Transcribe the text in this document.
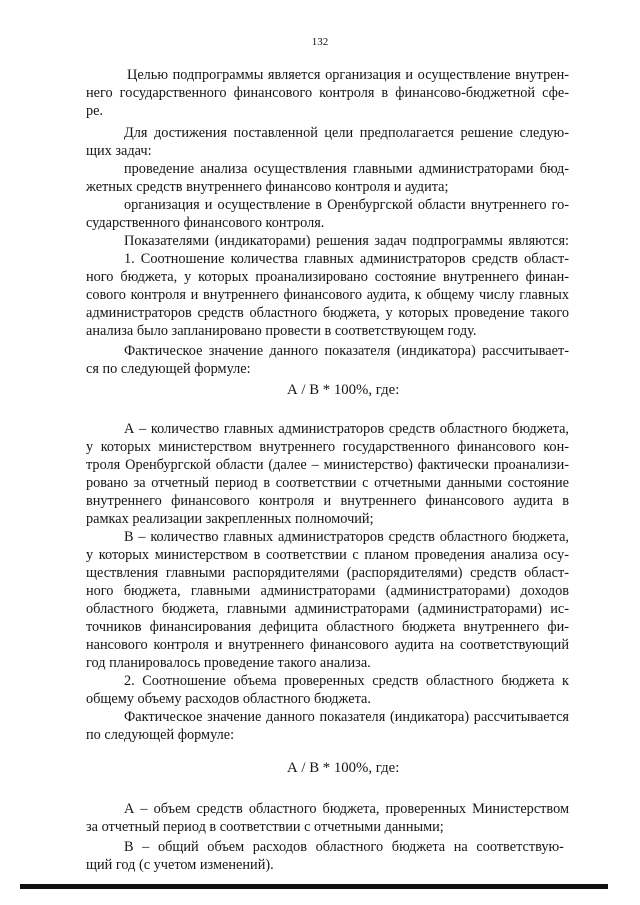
132

Целью подпрограммы является организация и осуществление внутрен-

него государственного финансового контроля в финансово-бюджетной сфе-

ре.

Для достижения поставленной цели предполагается решение следую-

щих задач:

проведение анализа осуществления главными администраторами бюд-

жетных средств внутреннего финансово контроля и аудита;

организация и осуществление в Оренбургской области внутреннего го-

сударственного финансового контроля.

Показателями (индикаторами) решения задач подпрограммы являются:

1. Соотношение количества главных администраторов средств област-

ного бюджета, у которых проанализировано состояние внутреннего финан-

сового контроля и внутреннего финансового аудита, к общему числу главных

администраторов средств областного бюджета, у которых проведение такого

анализа было запланировано провести в соответствующем году.

Фактическое значение данного показателя (индикатора) рассчитывает-

ся по следующей формуле:

А / В * 100%, где:

А – количество главных администраторов средств областного бюджета,

у которых министерством внутреннего государственного финансового кон-

троля Оренбургской области (далее – министерство) фактически проанализи-

ровано за отчетный период в соответствии с отчетными данными состояние

внутреннего финансового контроля и внутреннего финансового аудита в

рамках реализации закрепленных полномочий;

В – количество главных администраторов средств областного бюджета,

у которых министерством в соответствии с планом проведения анализа осу-

ществления главными распорядителями (распорядителями) средств област-

ного бюджета, главными администраторами (администраторами) доходов

областного бюджета, главными администраторами (администраторами) ис-

точников финансирования дефицита областного бюджета внутреннего фи-

нансового контроля и внутреннего финансового аудита на соответствующий

год планировалось проведение такого анализа.

2. Соотношение объема проверенных средств областного бюджета к

общему объему расходов областного бюджета.

Фактическое значение данного показателя (индикатора) рассчитывается

по следующей формуле:

А / В * 100%, где:

А – объем средств областного бюджета, проверенных Министерством

за отчетный период в соответствии с отчетными данными;

В – общий объем расходов областного бюджета на соответствую-

щий год (с учетом изменений).
